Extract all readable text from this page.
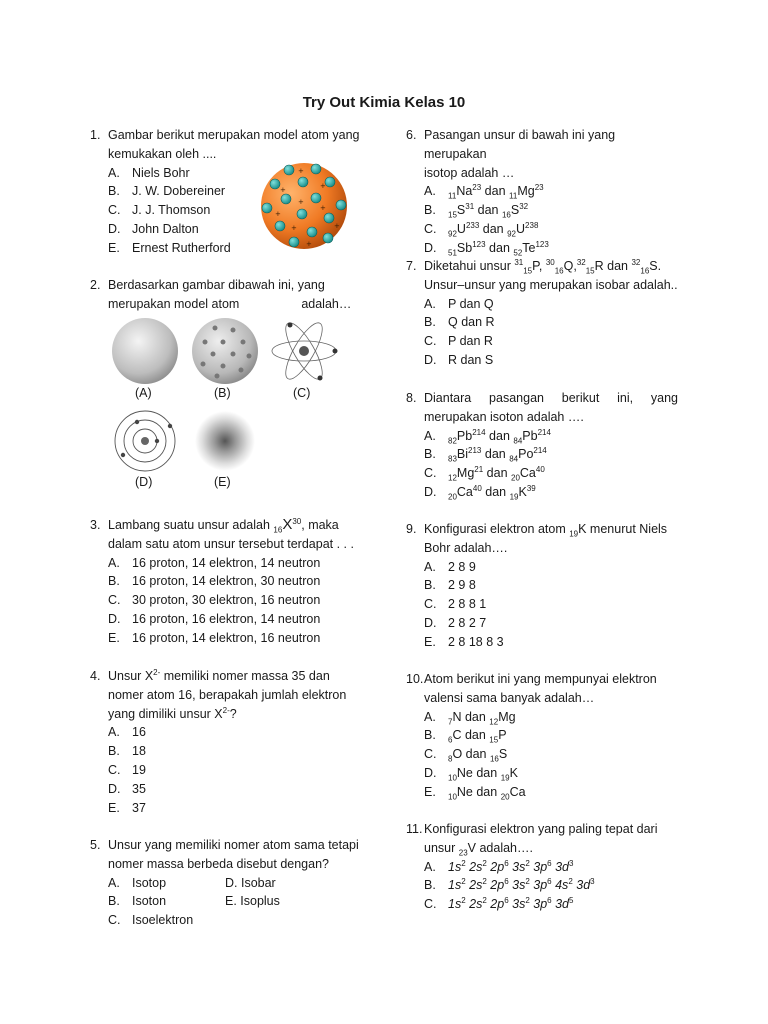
Try Out Kimia Kelas 10
1. Gambar berikut merupakan model atom yang
kemukakan oleh ....
A. Niels Bohr
B. J. W. Dobereiner
C. J. J. Thomson
D. John Dalton
E. Ernest Rutherford
+
+	+
+
+
+
+	+
+
2. Berdasarkan gambar dibawah ini, yang
merupakan model atom	adalah…
(A)	(B)	(C)
(D)	(E)
3. Lambang suatu unsur adalah $_{16}X^{30}$, maka
dalam satu atom unsur tersebut terdapat . . .
A. 16 proton, 14 elektron, 14 neutron
B. 16 proton, 14 elektron, 30 neutron
C. 30 proton, 30 elektron, 16 neutron
D. 16 proton, 16 elektron, 14 neutron
E. 16 proton, 14 elektron, 16 neutron
4. Unsur $X^{2-}$ memiliki nomer massa 35 dan
nomer atom 16, berapakah jumlah elektron
yang dimiliki unsur $X^{2-}$?
A. 16
B. 18
C. 19
D. 35
E. 37
5. Unsur yang memiliki nomer atom sama tetapi
nomer massa berbeda disebut dengan?
A. Isotop	D. Isobar
B. Isoton	E. Isoplus
C. Isoelektron
6. Pasangan unsur di bawah ini yang merupakan
isotop adalah …
A.	$_{11}Na^{23}$ dan $_{11}Mg^{23}$
B.	$_{15}S^{31}$ dan $_{16}S^{32}$
C.	$_{92}U^{233}$ dan $_{92}U^{238}$
D.	$_{51}Sb^{123}$ dan $_{52}Te^{123}$
7. Diketahui unsur $^{31}_{15}$P, $^{30}_{16}$Q,$^{32}_{15}$R dan $^{32}_{16}$S.
Unsur–unsur yang merupakan isobar adalah..
A. P dan Q
B. Q dan R
C. P dan R
D. R dan S
8. Diantara pasangan berikut ini, yang
merupakan isoton adalah ….
A.	$_{82}Pb^{214}$ dan $_{84}Pb^{214}$
B.	$_{83}Bi^{213}$ dan $_{84}Po^{214}$
C.	$_{12}Mg^{21}$ dan $_{20}Ca^{40}$
D.	$_{20}Ca^{40}$ dan $_{19}K^{39}$
9. Konfigurasi elektron atom $_{19}$K menurut Niels
Bohr adalah….
A. 2 8 9
B. 2 9 8
C. 2 8 8 1
D. 2 8 2 7
E. 2 8 18 8 3
10. Atom berikut ini yang mempunyai elektron
valensi sama banyak adalah…
A.	$_7$N dan $_{12}$Mg
B.	$_6$C dan $_{15}$P
C.	$_8$O dan $_{16}$S
D.	$_{10}$Ne dan $_{19}$K
E.	$_{10}$Ne dan $_{20}$Ca
11. Konfigurasi elektron yang paling tepat dari
unsur $_{23}$V adalah….
A. $1s^2$ $2s^2$ $2p^6$ $3s^2$ $3p^6$ $3d^3$
B. $1s^2$ $2s^2$ $2p^6$ $3s^2$ $3p^6$ $4s^2$ $3d^3$
C. $1s^2$ $2s^2$ $2p^6$ $3s^2$ $3p^6$ $3d^5$
